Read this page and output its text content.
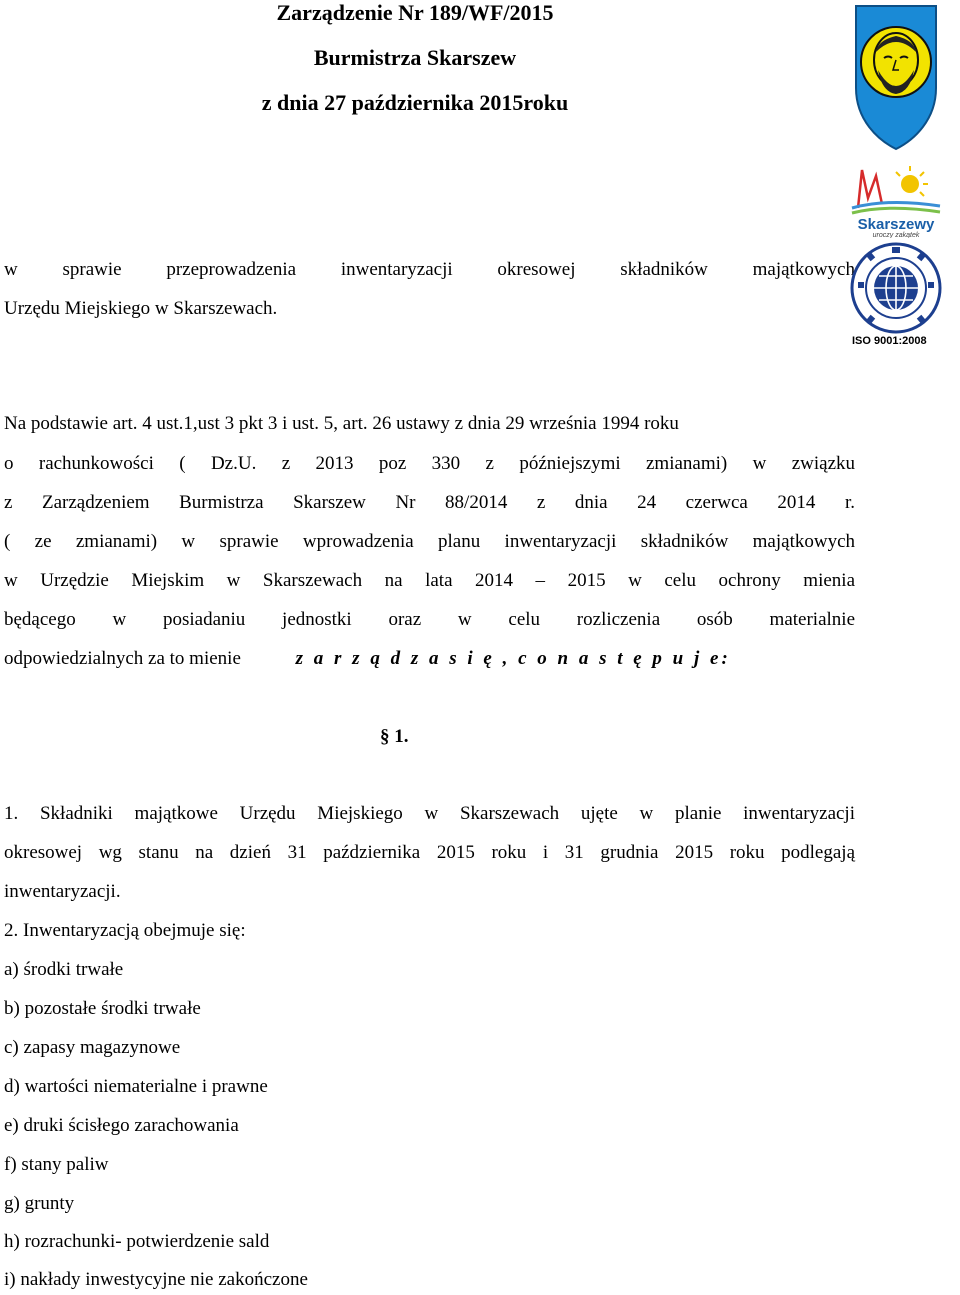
Zarządzenie Nr 189/WF/2015
Burmistrza Skarszew
z dnia 27 października 2015roku
w sprawie przeprowadzenia inwentaryzacji okresowej składników majątkowych
Urzędu Miejskiego w Skarszewach.
Na podstawie art. 4 ust.1,ust 3 pkt 3 i ust. 5, art. 26 ustawy z dnia 29 września 1994 roku
o rachunkowości ( Dz.U. z 2013 poz 330 z późniejszymi zmianami) w związku
z Zarządzeniem Burmistrza Skarszew Nr 88/2014 z dnia 24 czerwca 2014 r.
( ze zmianami) w sprawie wprowadzenia planu inwentaryzacji składników majątkowych
w Urzędzie Miejskim w Skarszewach na lata 2014 – 2015 w celu ochrony mienia
będącego w posiadaniu jednostki oraz w celu rozliczenia osób materialnie
odpowiedzialnych za to mienie	z a r z ą d z a s i ę , c o n a s t ę p u j e:
§ 1.
1. Składniki majątkowe Urzędu Miejskiego w Skarszewach ujęte w planie inwentaryzacji
okresowej wg stanu na dzień 31 października 2015 roku i 31 grudnia 2015 roku podlegają
inwentaryzacji.
2. Inwentaryzacją obejmuje się:
a) środki trwałe
b) pozostałe środki trwałe
c) zapasy magazynowe
d) wartości niematerialne i prawne
e) druki ścisłego zarachowania
f) stany paliw
g) grunty
h) rozrachunki- potwierdzenie sald
i) nakłady inwestycyjne nie zakończone
Skarszewy
uroczy zakątek
ISO 9001:2008
